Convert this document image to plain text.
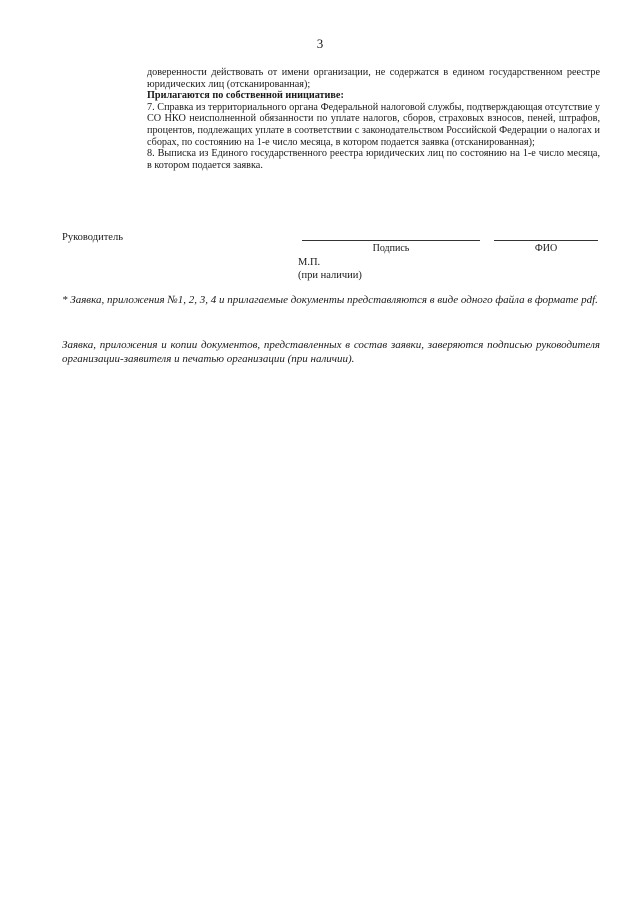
3

доверенности действовать от имени организации, не содержатся в едином государственном реестре юридических лиц (отсканированная);

Прилагаются по собственной инициативе:

7. Справка из территориального органа Федеральной налоговой службы, подтверждающая отсутствие у СО НКО неисполненной обязанности по уплате налогов, сборов, страховых взносов, пеней, штрафов, процентов, подлежащих уплате в соответствии с законодательством Российской Федерации о налогах и сборах, по состоянию на 1-е число месяца, в котором подается заявка (отсканированная);

8. Выписка из Единого государственного реестра юридических лиц по состоянию на 1-е число месяца, в котором подается заявка.

Руководитель
Подпись	ФИО
М.П.
(при наличии)
* Заявка, приложения №1, 2, 3, 4 и прилагаемые документы представляются в виде одного файла в формате pdf.
Заявка, приложения и копии документов, представленных в состав заявки, заверяются подписью руководителя организации-заявителя и печатью организации (при наличии).
